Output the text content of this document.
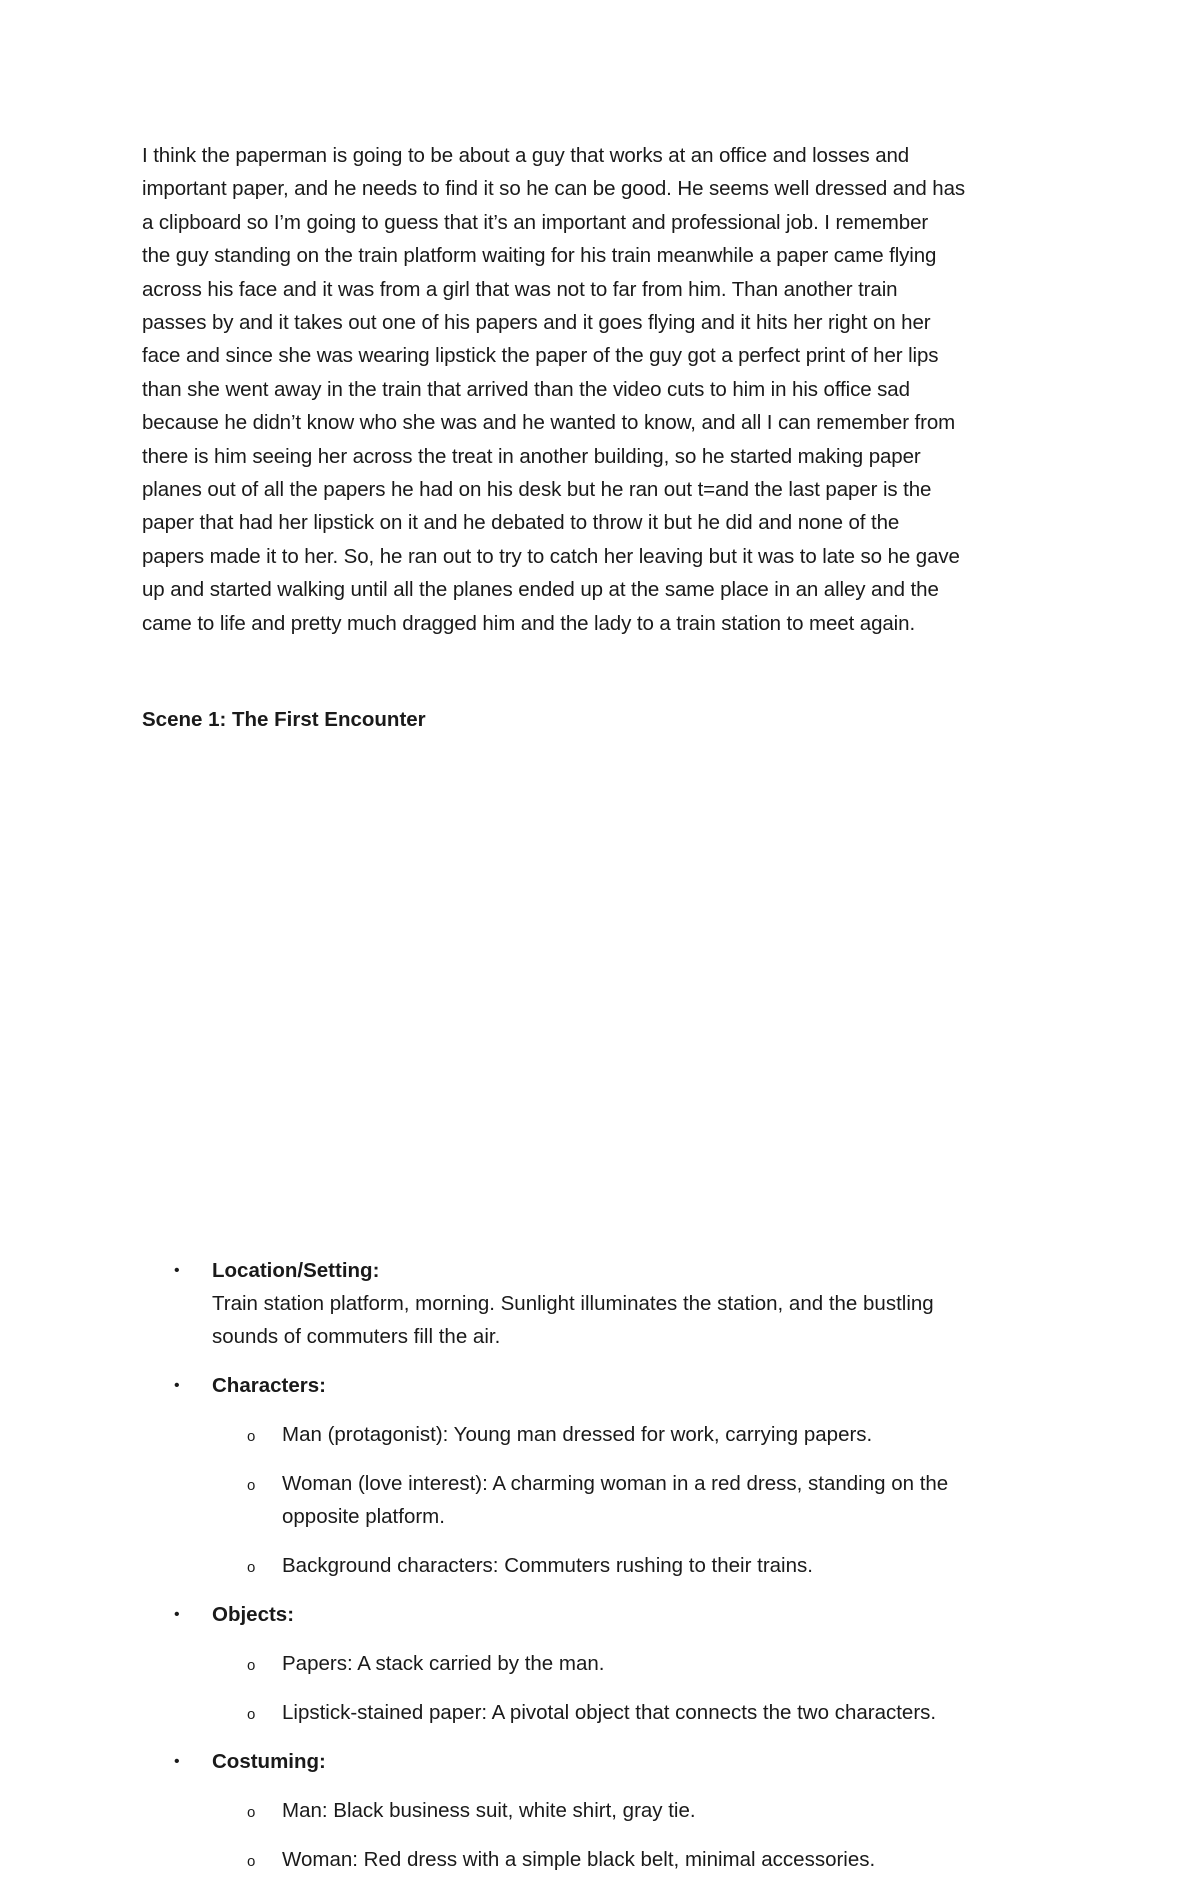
I think the paperman is going to be about a guy that works at an office and losses and

important paper, and he needs to find it so he can be good. He seems well dressed and has

a clipboard so I’m going to guess that it’s an important and professional job. I remember

the guy standing on the train platform waiting for his train meanwhile a paper came flying

across his face and it was from a girl that was not to far from him. Than another train

passes by and it takes out one of his papers and it goes flying and it hits her right on her

face and since she was wearing lipstick the paper of the guy got a perfect print of her lips

than she went away in the train that arrived than the video cuts to him in his office sad

because he didn’t know who she was and he wanted to know, and all I can remember from

there is him seeing her across the treat in another building, so he started making paper

planes out of all the papers he had on his desk but he ran out t=and the last paper is the

paper that had her lipstick on it and he debated to throw it but he did and none of the

papers made it to her. So, he ran out to try to catch her leaving but it was to late so he gave

up and started walking until all the planes ended up at the same place in an alley and the

came to life and pretty much dragged him and the lady to a train station to meet again.

Scene 1: The First Encounter
• Location/Setting:
Train station platform, morning. Sunlight illuminates the station, and the bustling
sounds of commuters fill the air.
• Characters:
o Man (protagonist): Young man dressed for work, carrying papers.
o Woman (love interest): A charming woman in a red dress, standing on the
opposite platform.
o Background characters: Commuters rushing to their trains.
• Objects:
o Papers: A stack carried by the man.
o Lipstick-stained paper: A pivotal object that connects the two characters.
• Costuming:
o Man: Black business suit, white shirt, gray tie.
o Woman: Red dress with a simple black belt, minimal accessories.
